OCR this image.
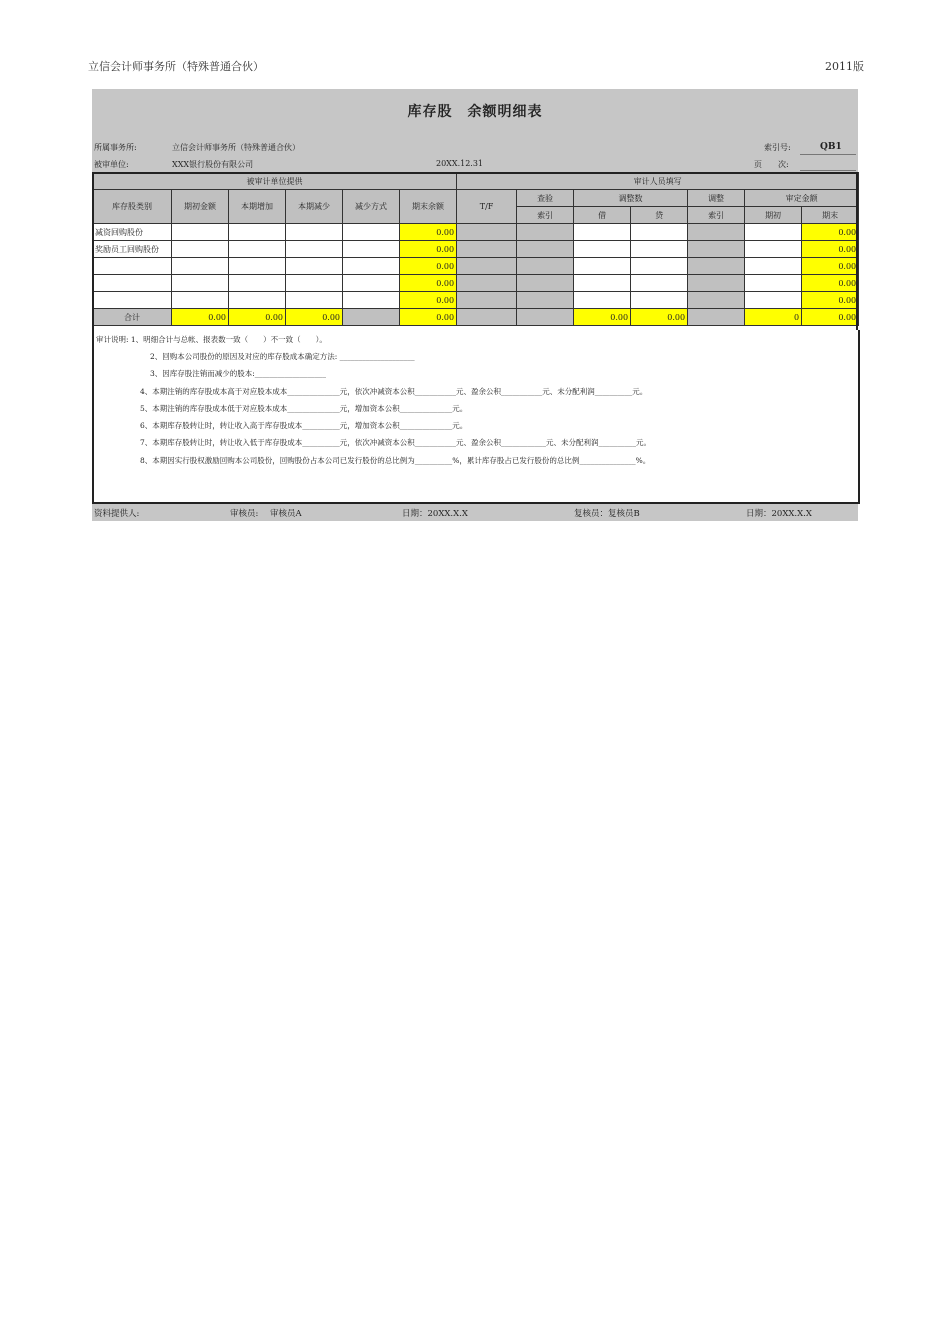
立信会计师事务所（特殊普通合伙）	2011版
库存股　余额明细表
所属事务所:	立信会计师事务所（特殊普通合伙）	索引号:	QB1
被审单位:	XXX银行股份有限公司	20XX.12.31	页　　次:
被审计单位提供						审计人员填写						
库存股类别	期初金额	本期增加	本期减少	减少方式	期末余额	T/F	查验	调整数		调整	审定金额	
							索引	借	贷	索引	期初	期末
减资回购股份					0.00							0.00
奖励员工回购股份					0.00							0.00
					0.00							0.00
					0.00							0.00
					0.00							0.00
合计	0.00	0.00	0.00		0.00			0.00	0.00		0	0.00
审计说明: 1、明细合计与总帐、报表数一致（　　）不一致（　　）。
2、回购本公司股份的原因及对应的库存股成本确定方法: ____________________
3、因库存股注销而减少的股本:___________________
4、本期注销的库存股成本高于对应股本成本______________元，依次冲减资本公积___________元、盈余公积___________元、未分配利润__________元。
5、本期注销的库存股成本低于对应股本成本______________元，增加资本公积______________元。
6、本期库存股转让时，转让收入高于库存股成本__________元，增加资本公积______________元。
7、本期库存股转让时，转让收入低于库存股成本__________元，依次冲减资本公积___________元、盈余公积____________元、未分配利润__________元。
8、本期因实行股权激励回购本公司股份，回购股份占本公司已发行股份的总比例为__________%，累计库存股占已发行股份的总比例_______________%。
资料提供人:	审核员: 审核员A	日期：20XX.X.X	复核员：复核员B	日期：20XX.X.X
